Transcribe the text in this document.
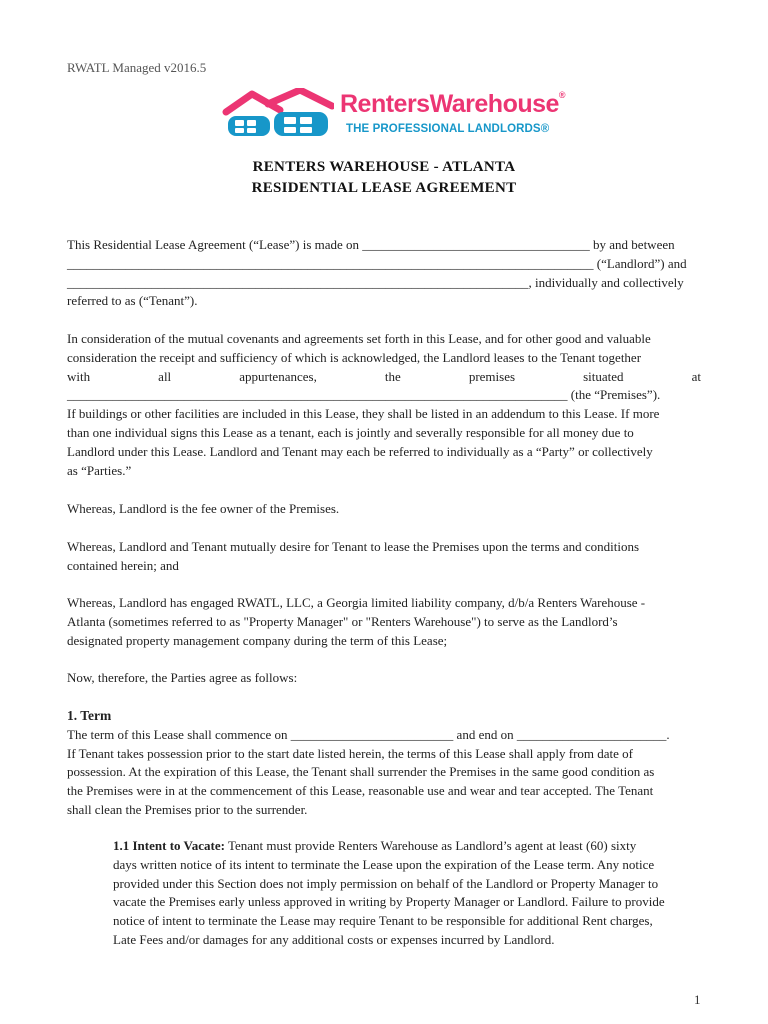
RWATL Managed v2016.5
RentersWarehouse®
THE PROFESSIONAL LANDLORDS®
RENTERS WAREHOUSE - ATLANTA
RESIDENTIAL LEASE AGREEMENT
This Residential Lease Agreement (“Lease”) is made on ___________________________________ by and between
_________________________________________________________________________________ (“Landlord”) and
_______________________________________________________________________, individually and collectively
referred to as (“Tenant”).
In consideration of the mutual covenants and agreements set forth in this Lease, and for other good and valuable
consideration the receipt and sufficiency of which is acknowledged, the Landlord leases to the Tenant together
with	all	appurtenances,	the	premises	situated	at
_____________________________________________________________________________ (the “Premises”).
If buildings or other facilities are included in this Lease, they shall be listed in an addendum to this Lease. If more
than one individual signs this Lease as a tenant, each is jointly and severally responsible for all money due to
Landlord under this Lease. Landlord and Tenant may each be referred to individually as a “Party” or collectively
as “Parties.”
Whereas, Landlord is the fee owner of the Premises.
Whereas, Landlord and Tenant mutually desire for Tenant to lease the Premises upon the terms and conditions
contained herein; and
Whereas, Landlord has engaged RWATL, LLC, a Georgia limited liability company, d/b/a Renters Warehouse -
Atlanta (sometimes referred to as "Property Manager" or "Renters Warehouse") to serve as the Landlord’s
designated property management company during the term of this Lease;
Now, therefore, the Parties agree as follows:
1. Term
The term of this Lease shall commence on _________________________ and end on _______________________.
If Tenant takes possession prior to the start date listed herein, the terms of this Lease shall apply from date of
possession. At the expiration of this Lease, the Tenant shall surrender the Premises in the same good condition as
the Premises were in at the commencement of this Lease, reasonable use and wear and tear accepted. The Tenant
shall clean the Premises prior to the surrender.
1.1 Intent to Vacate: Tenant must provide Renters Warehouse as Landlord’s agent at least (60) sixty
days written notice of its intent to terminate the Lease upon the expiration of the Lease term. Any notice
provided under this Section does not imply permission on behalf of the Landlord or Property Manager to
vacate the Premises early unless approved in writing by Property Manager or Landlord. Failure to provide
notice of intent to terminate the Lease may require Tenant to be responsible for additional Rent charges,
Late Fees and/or damages for any additional costs or expenses incurred by Landlord.
1
